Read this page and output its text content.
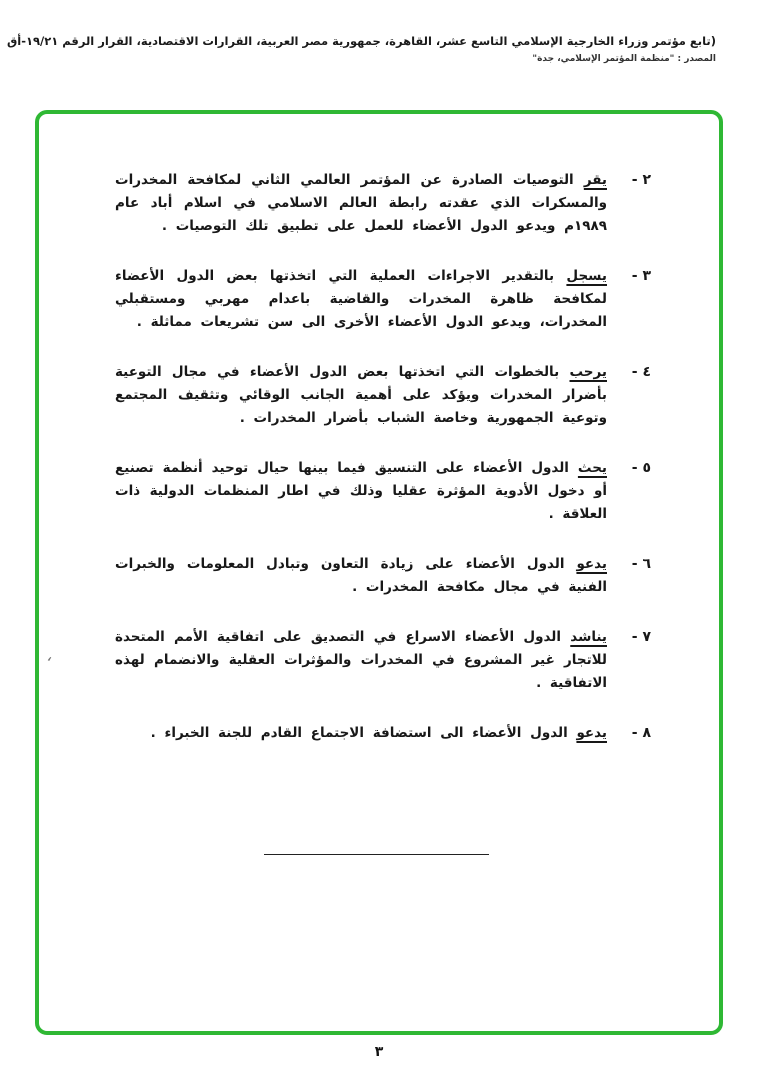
(تابع مؤتمر وزراء الخارجية الإسلامي التاسع عشر، القاهرة، جمهورية مصر العربية، القرارات الاقتصادية، القرار الرقم ١٩/٢١-أق
المصدر : "منظمة المؤتمر الإسلامي، جدة"
٢ -
يقر التوصيات الصادرة عن المؤتمر العالمي الثاني لمكافحة المخدرات والمسكرات الذي عقدته رابطة العالم الاسلامي في اسلام أباد عام ١٩٨٩م ويدعو الدول الأعضاء للعمل على تطبيق تلك التوصيات .
٣ -
يسجل بالتقدير الاجراءات العملية التي اتخذتها بعض الدول الأعضاء لمكافحة ظاهرة المخدرات والقاضية باعدام مهربي ومستقبلي المخدرات، ويدعو الدول الأعضاء الأخرى الى سن تشريعات مماثلة .
٤ -
يرحب بالخطوات التي اتخذتها بعض الدول الأعضاء في مجال التوعية بأضرار المخدرات ويؤكد على أهمية الجانب الوقائي وتثقيف المجتمع وتوعية الجمهورية وخاصة الشباب بأضرار المخدرات .
٥ -
يحث الدول الأعضاء على التنسيق فيما بينها حيال توحيد أنظمة تصنيع أو دخول الأدوية المؤثرة عقليا وذلك في اطار المنظمات الدولية ذات العلاقة .
٦ -
يدعو الدول الأعضاء على زيادة التعاون وتبادل المعلومات والخبرات الفنية في مجال مكافحة المخدرات .
٧ -
يناشد الدول الأعضاء الاسراع في التصديق على اتفاقية الأمم المتحدة للاتجار غير المشروع في المخدرات والمؤثرات العقلية والانضمام لهذه الاتفاقية .
٨ -
يدعو الدول الأعضاء الى استضافة الاجتماع القادم للجنة الخبراء .
⸲
٣
